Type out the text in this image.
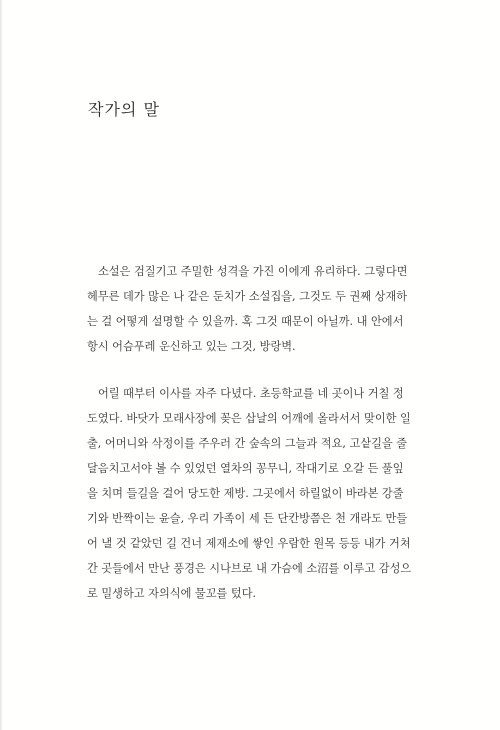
작가의 말

소설은 검질기고 주밀한 성격을 가진 이에게 유리하다. 그렇다면
헤무른 데가 많은 나 같은 둔치가 소설집을, 그것도 두 권째 상재하
는 걸 어떻게 설명할 수 있을까. 혹 그것 때문이 아닐까. 내 안에서
항시 어슴푸레 운신하고 있는 그것, 방랑벽.

어릴 때부터 이사를 자주 다녔다. 초등학교를 네 곳이나 거칠 정
도였다. 바닷가 모래사장에 꽂은 삽날의 어깨에 올라서서 맞이한 일
출, 어머니와 삭정이를 주우러 간 숲속의 그늘과 적요, 고샅길을 줄
달음치고서야 볼 수 있었던 열차의 꽁무니, 작대기로 오갈 든 풀잎
을 치며 들길을 걸어 당도한 제방. 그곳에서 하릴없이 바라본 강줄
기와 반짝이는 윤슬, 우리 가족이 세 든 단칸방쯤은 천 개라도 만들
어 낼 것 같았던 길 건너 제재소에 쌓인 우람한 원목 등등 내가 거쳐
간 곳들에서 만난 풍경은 시나브로 내 가슴에 소沼를 이루고 감성으
로 밀생하고 자의식에 물꼬를 텄다.
